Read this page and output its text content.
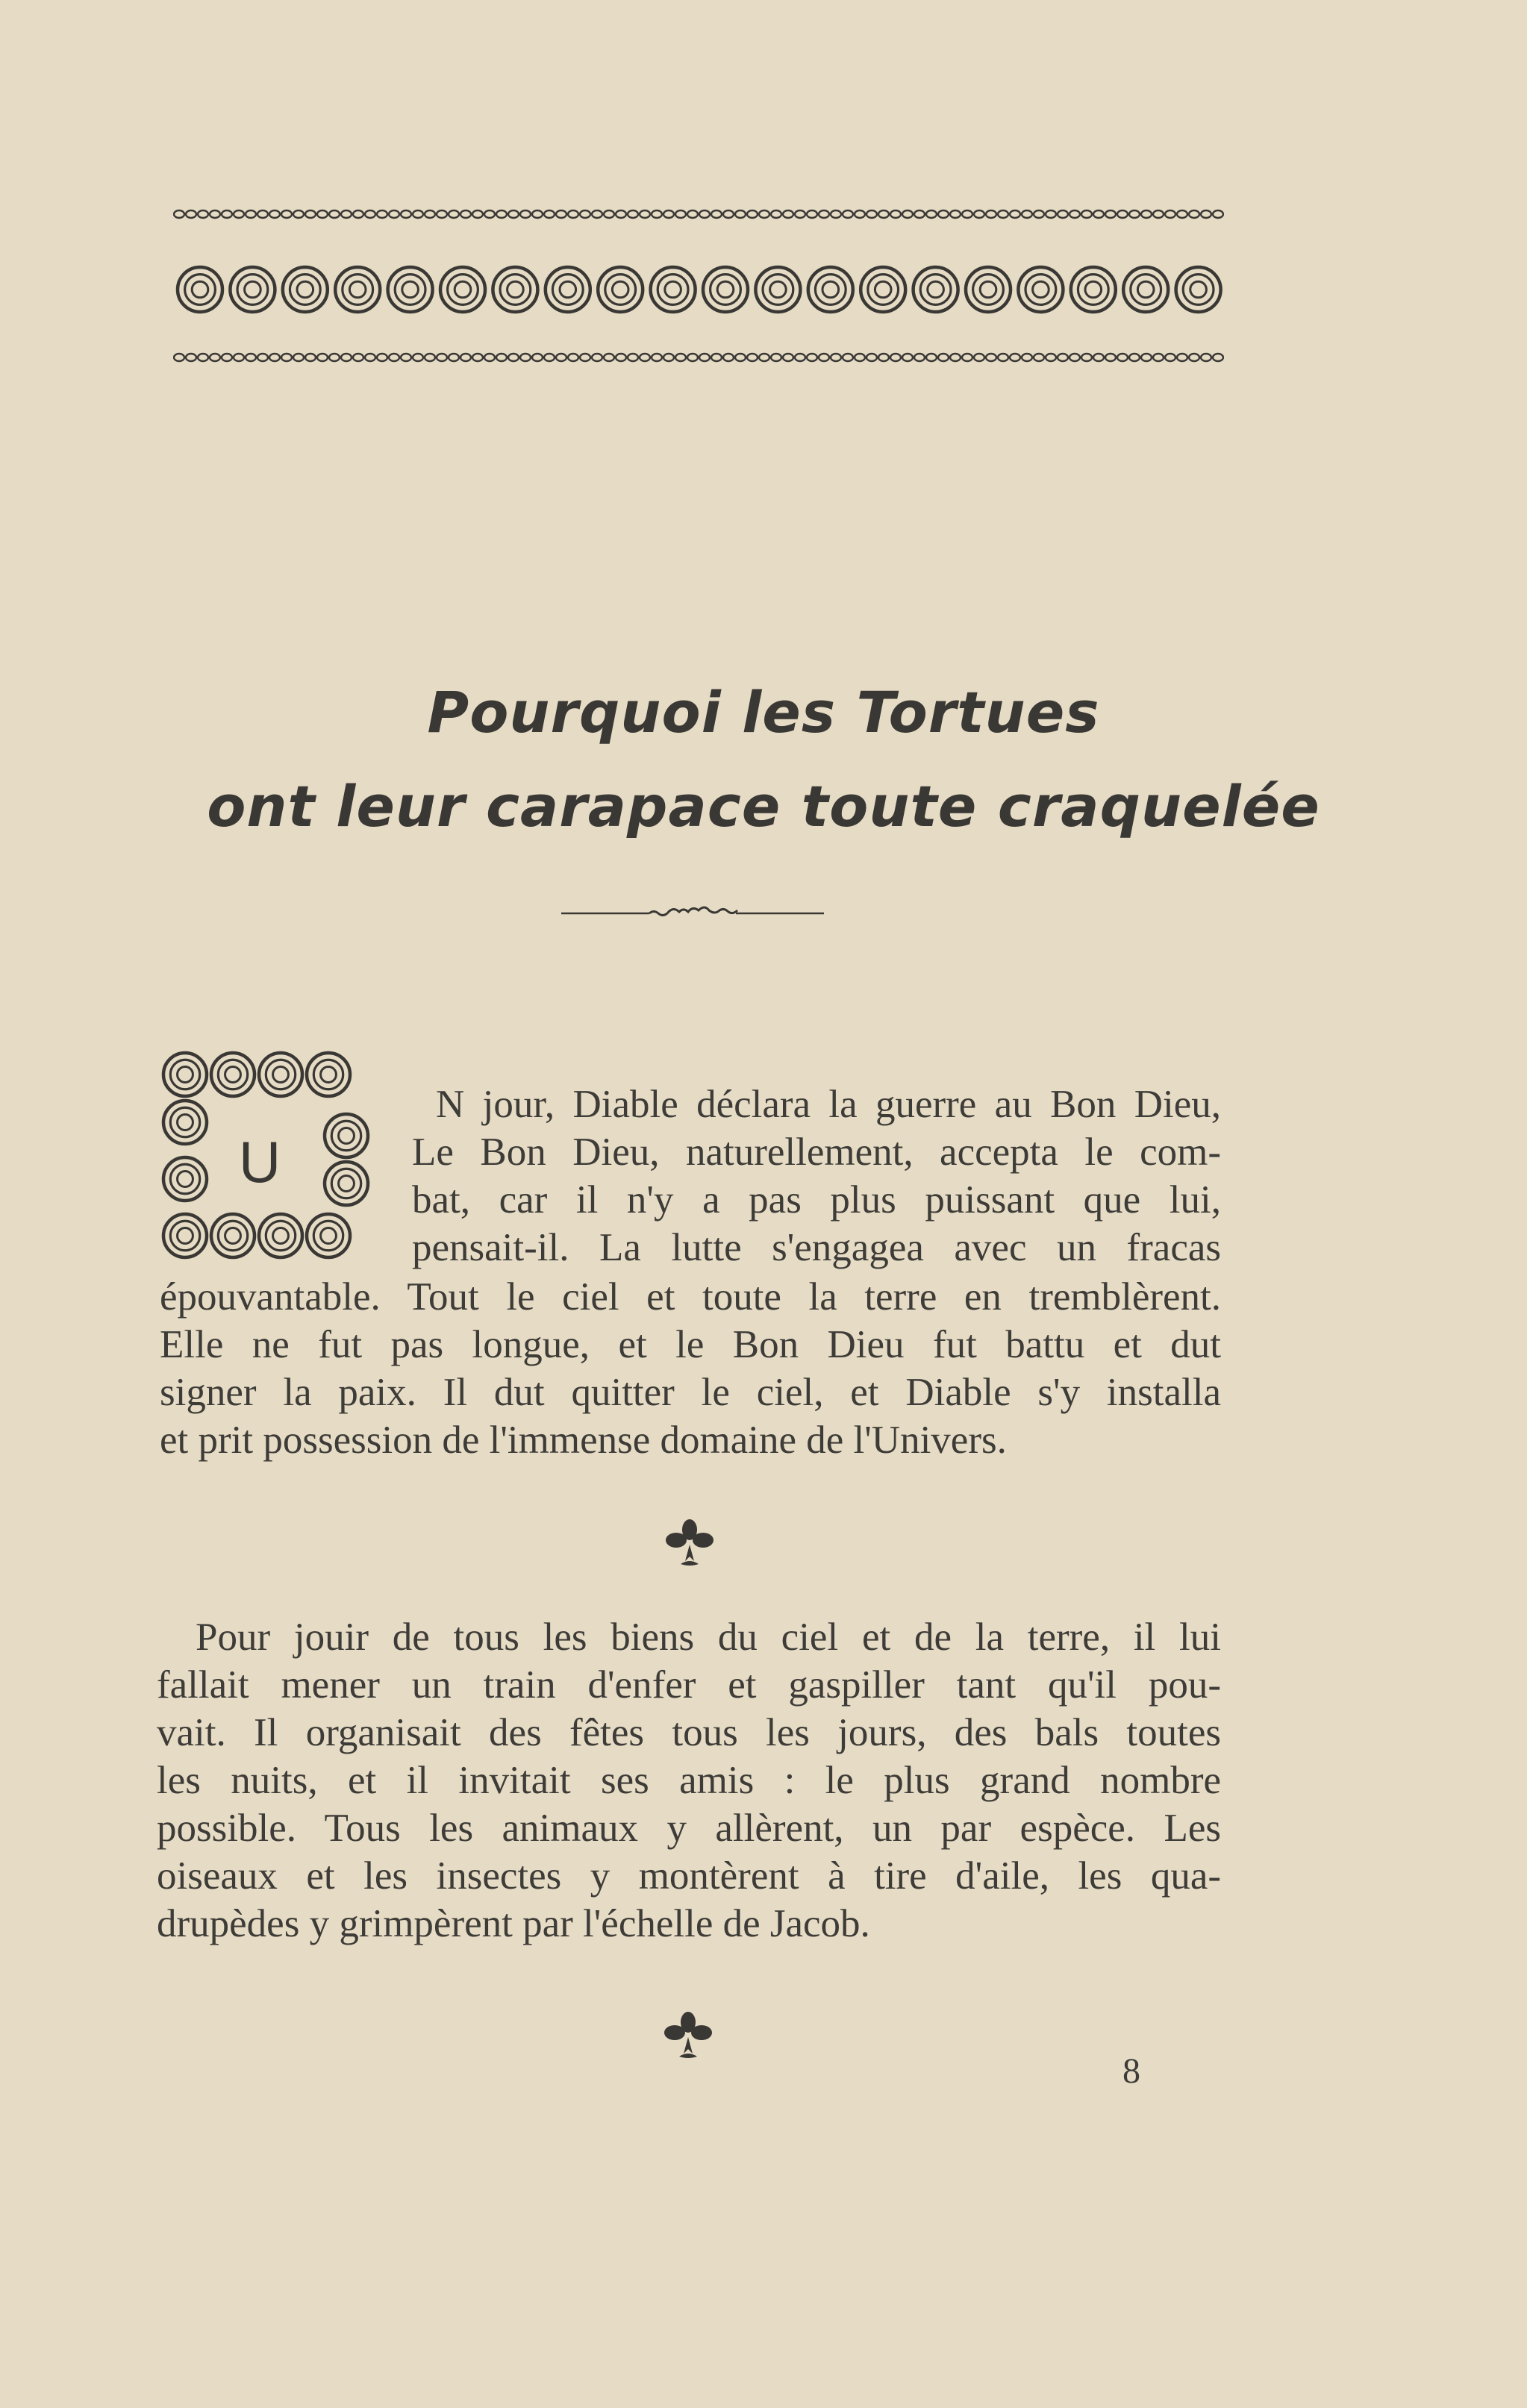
Pourquoi les Tortues
ont leur carapace toute craquelée
U

N jour, Diable déclara la guerre au Bon Dieu,

Le Bon Dieu, naturellement, accepta le com-

bat, car il n'y a pas plus puissant que lui,

pensait-il. La lutte s'engagea avec un fracas

épouvantable. Tout le ciel et toute la terre en tremblèrent.

Elle ne fut pas longue, et le Bon Dieu fut battu et dut

signer la paix. Il dut quitter le ciel, et Diable s'y installa

et prit possession de l'immense domaine de l'Univers.

Pour jouir de tous les biens du ciel et de la terre, il lui

fallait mener un train d'enfer et gaspiller tant qu'il pou-

vait. Il organisait des fêtes tous les jours, des bals toutes

les nuits, et il invitait ses amis : le plus grand nombre

possible. Tous les animaux y allèrent, un par espèce. Les

oiseaux et les insectes y montèrent à tire d'aile, les qua-

drupèdes y grimpèrent par l'échelle de Jacob.

8
